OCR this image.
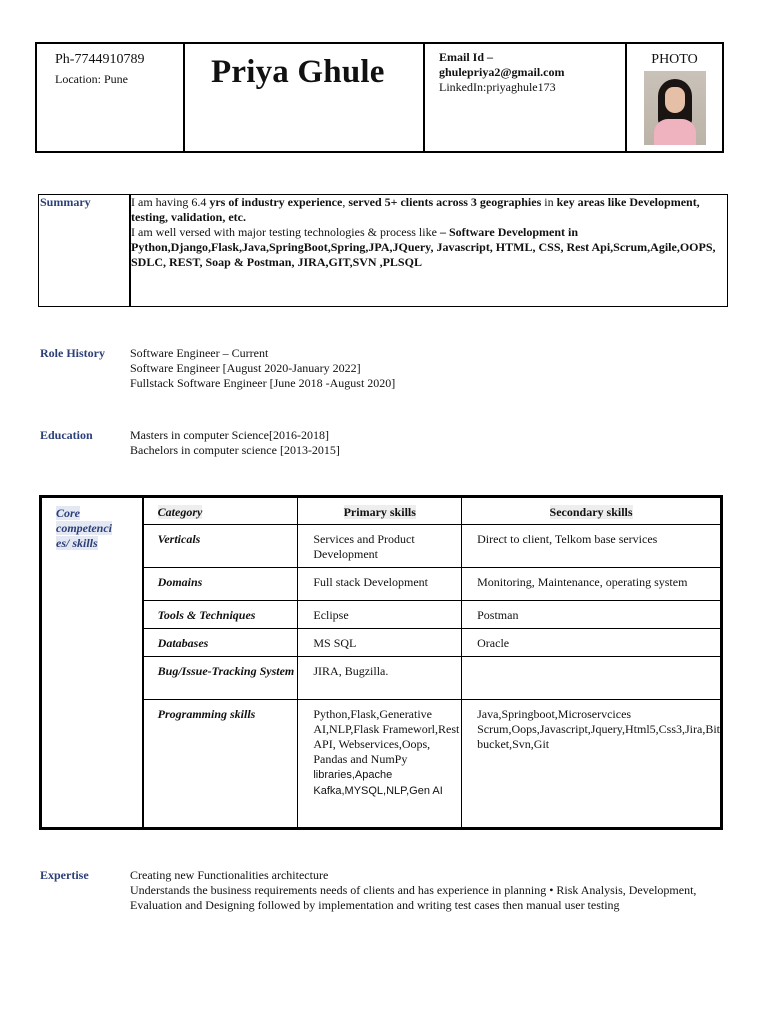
Ph-7744910789
Location: Pune	Priya Ghule	Email Id –
ghulepriya2@gmail.com
LinkedIn:priyaghule173
PHOTO
Summary	I am having 6.4 yrs of industry experience, served 5+ clients across 3 geographies in key areas like Development, testing, validation, etc.
I am well versed with major testing technologies & process like – Software Development in Python,Django,Flask,Java,SpringBoot,Spring,JPA,JQuery, Javascript, HTML, CSS, Rest Api,Scrum,Agile,OOPS, SDLC, REST, Soap & Postman, JIRA,GIT,SVN ,PLSQL
Role History Software Engineer – Current
Software Engineer [August 2020-January 2022]
Fullstack Software Engineer [June 2018 -August 2020]
Education	Masters in computer Science[2016-2018]
Bachelors in computer science [2013-2015]
Core
competenci
es/ skills	Category	Primary skills	Secondary skills
	Verticals	Services and Product Development	Direct to client, Telkom base services
	Domains	Full stack Development	Monitoring, Maintenance, operating system
	Tools & Techniques	Eclipse	Postman
	Databases	MS SQL	Oracle
	Bug/Issue-Tracking System	JIRA, Bugzilla.	
	Programming skills	Python,Flask,Generative AI,NLP,Flask Frameworl,Rest API, Webservices,Oops, Pandas and NumPy libraries,Apache Kafka,MYSQL,NLP,Gen AI	Java,Springboot,Microservcices Scrum,Oops,Javascript,Jquery,Html5,Css3,Jira,Bit bucket,Svn,Git
Expertise	Creating new Functionalities architecture
Understands the business requirements needs of clients and has experience in planning • Risk Analysis, Development, Evaluation and Designing followed by implementation and writing test cases then manual user testing
